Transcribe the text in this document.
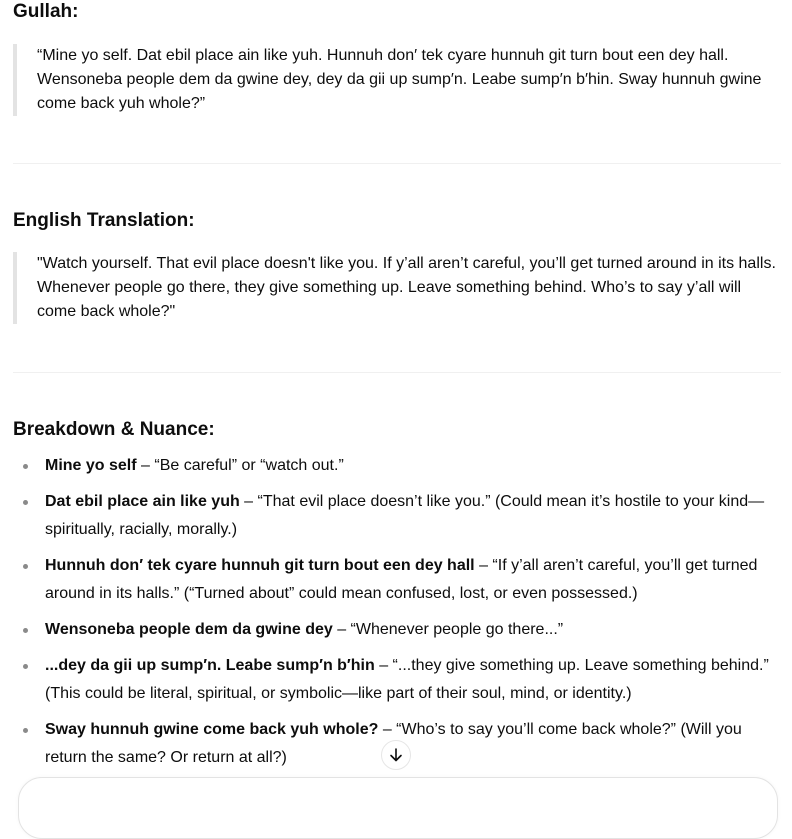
Gullah:
“Mine yo self. Dat ebil place ain like yuh. Hunnuh don′ tek cyare hunnuh git turn bout een dey hall. Wensoneba people dem da gwine dey, dey da gii up sump′n. Leabe sump′n b′hin. Sway hunnuh gwine come back yuh whole?”
English Translation:
"Watch yourself. That evil place doesn't like you. If y’all aren’t careful, you’ll get turned around in its halls. Whenever people go there, they give something up. Leave something behind. Who’s to say y’all will come back whole?"
Breakdown & Nuance:
Mine yo self – “Be careful” or “watch out.”
Dat ebil place ain like yuh – “That evil place doesn’t like you.” (Could mean it’s hostile to your kind—spiritually, racially, morally.)
Hunnuh don′ tek cyare hunnuh git turn bout een dey hall – “If y’all aren’t careful, you’ll get turned around in its halls.” (“Turned about” could mean confused, lost, or even possessed.)
Wensoneba people dem da gwine dey – “Whenever people go there...”
...dey da gii up sump′n. Leabe sump′n b′hin – “...they give something up. Leave something behind.” (This could be literal, spiritual, or symbolic—like part of their soul, mind, or identity.)
Sway hunnuh gwine come back yuh whole? – “Who’s to say you’ll come back whole?” (Will you return the same? Or return at all?)
